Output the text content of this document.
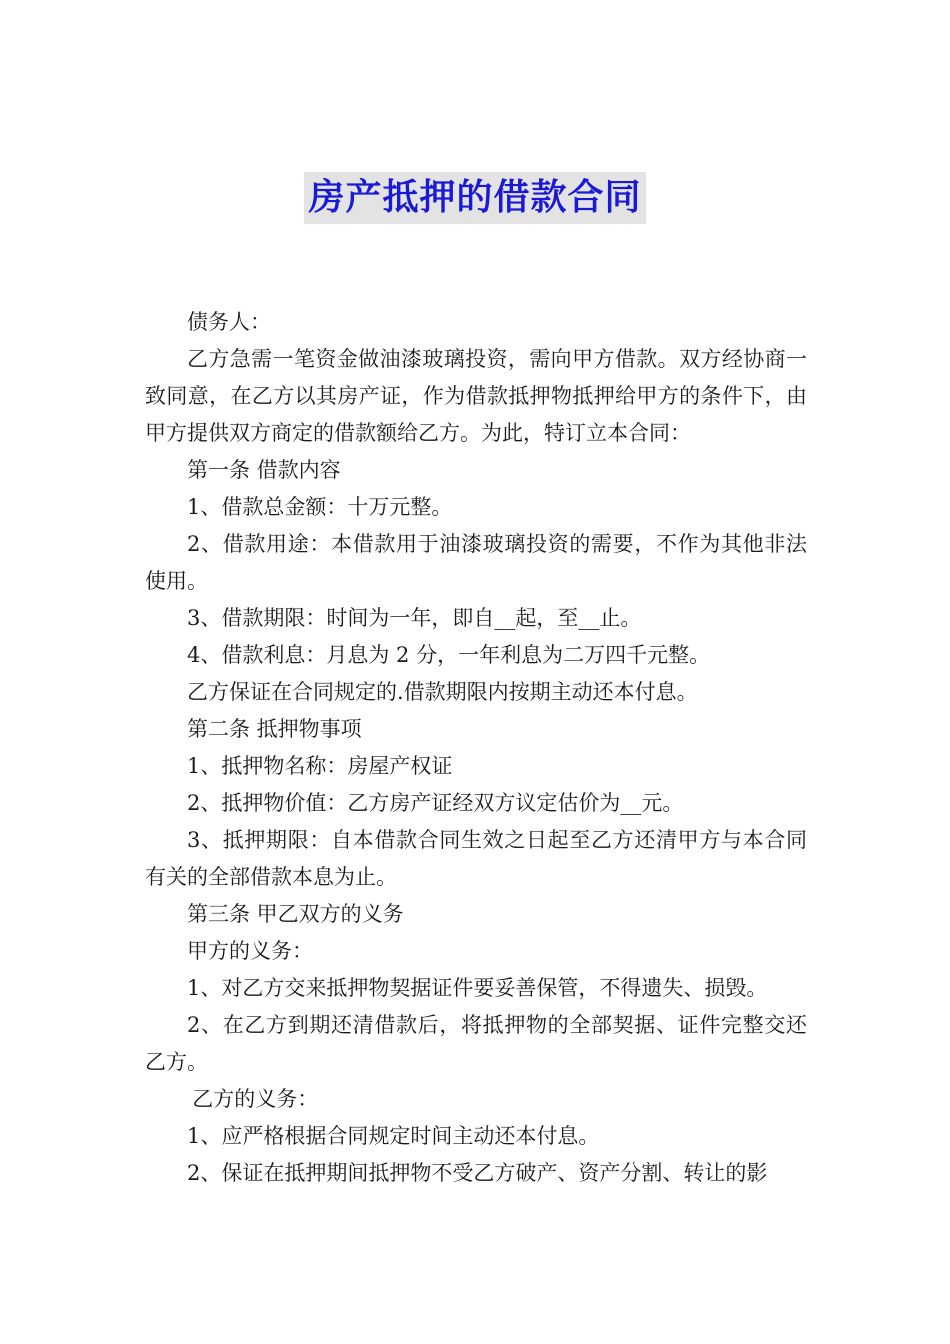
房产抵押的借款合同

债务人：

乙方急需一笔资金做油漆玻璃投资，需向甲方借款。双方经协商一致同意，在乙方以其房产证，作为借款抵押物抵押给甲方的条件下，由甲方提供双方商定的借款额给乙方。为此，特订立本合同：

第一条 借款内容

1、借款总金额：十万元整。

2、借款用途：本借款用于油漆玻璃投资的需要，不作为其他非法使用。

3、借款期限：时间为一年，即自__起，至__止。

4、借款利息：月息为 2 分，一年利息为二万四千元整。

乙方保证在合同规定的.借款期限内按期主动还本付息。

第二条 抵押物事项

1、抵押物名称：房屋产权证

2、抵押物价值：乙方房产证经双方议定估价为__元。

3、抵押期限：自本借款合同生效之日起至乙方还清甲方与本合同有关的全部借款本息为止。

第三条 甲乙双方的义务

甲方的义务：

1、对乙方交来抵押物契据证件要妥善保管，不得遗失、损毁。

2、在乙方到期还清借款后，将抵押物的全部契据、证件完整交还乙方。

乙方的义务：

1、应严格根据合同规定时间主动还本付息。

2、保证在抵押期间抵押物不受乙方破产、资产分割、转让的影
